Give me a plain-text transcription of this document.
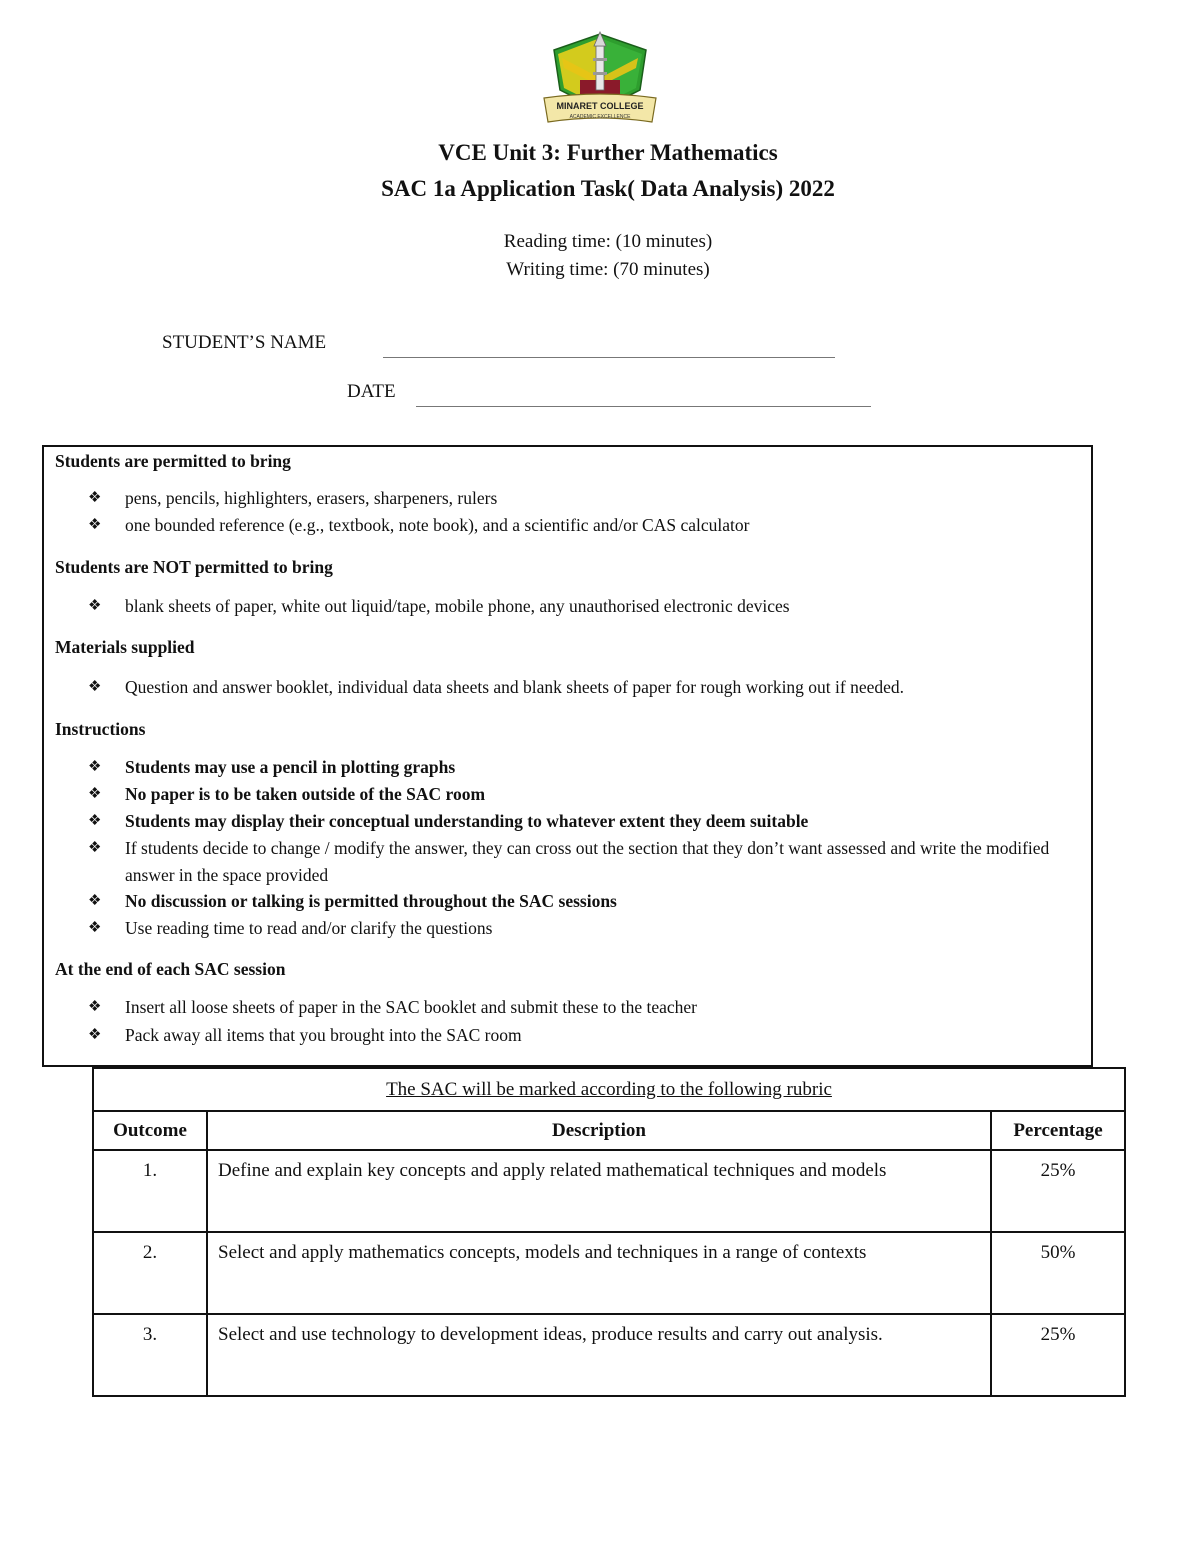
MINARET COLLEGE
ACADEMIC EXCELLENCE
VCE Unit 3: Further Mathematics
SAC 1a Application Task( Data Analysis) 2022
Reading time: (10 minutes)
Writing time: (70 minutes)
STUDENT’S NAME
DATE
Students are permitted to bring
❖	pens, pencils, highlighters, erasers, sharpeners, rulers
❖	one bounded reference (e.g., textbook, note book), and a scientific and/or CAS calculator
Students are NOT permitted to bring
❖	blank sheets of paper, white out liquid/tape, mobile phone, any unauthorised electronic devices
Materials supplied
❖	Question and answer booklet, individual data sheets and blank sheets of paper for rough working out if needed.
Instructions
❖	Students may use a pencil in plotting graphs
❖	No paper is to be taken outside of the SAC room
❖	Students may display their conceptual understanding to whatever extent they deem suitable
❖	If students decide to change / modify the answer, they can cross out the section that they don’t want assessed and write the modified answer in the space provided
❖	No discussion or talking is permitted throughout the SAC sessions
❖	Use reading time to read and/or clarify the questions
At the end of each SAC session
❖	Insert all loose sheets of paper in the SAC booklet and submit these to the teacher
❖	Pack away all items that you brought into the SAC room
The SAC will be marked according to the following rubric		
Outcome	Description	Percentage
1.	Define and explain key concepts and apply related mathematical techniques and models	25%
2.	Select and apply mathematics concepts, models and techniques in a range of contexts	50%
3.	Select and use technology to development ideas, produce results and carry out analysis.	25%
